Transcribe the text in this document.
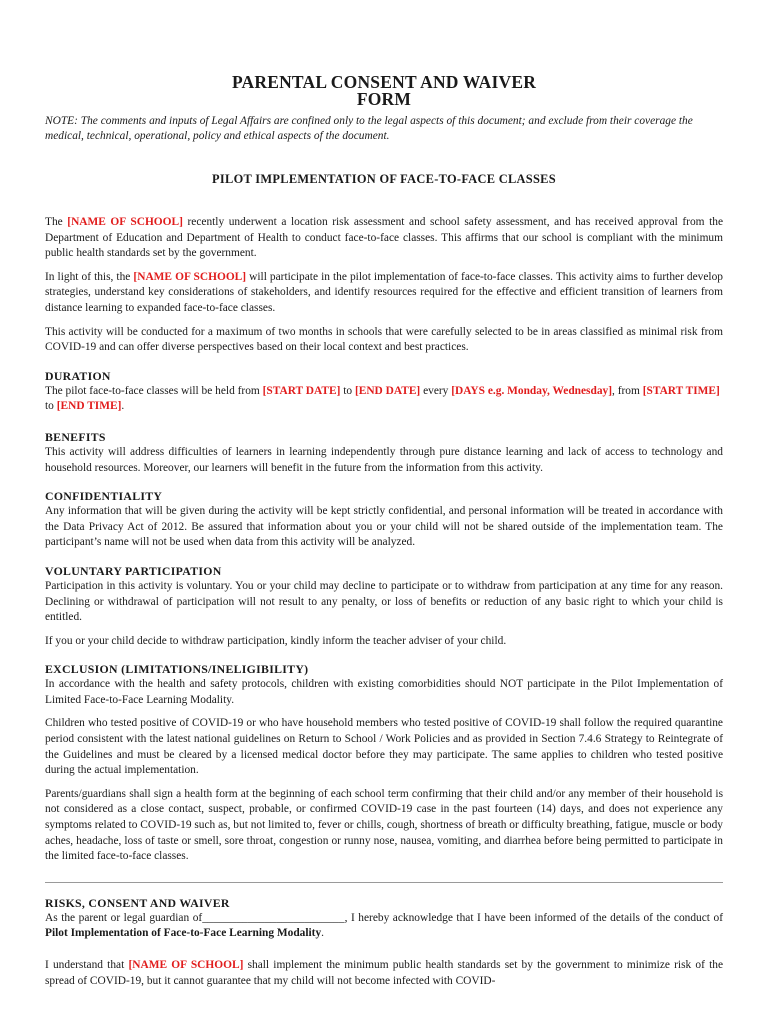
PARENTAL CONSENT AND WAIVER
FORM

NOTE: The comments and inputs of Legal Affairs are confined only to the legal aspects of this document; and exclude from their coverage the medical, technical, operational, policy and ethical aspects of the document.

PILOT IMPLEMENTATION OF FACE-TO-FACE CLASSES

The [NAME OF SCHOOL] recently underwent a location risk assessment and school safety assessment, and has received approval from the Department of Education and Department of Health to conduct face-to-face classes. This affirms that our school is compliant with the minimum public health standards set by the government.

In light of this, the [NAME OF SCHOOL] will participate in the pilot implementation of face-to-face classes. This activity aims to further develop strategies, understand key considerations of stakeholders, and identify resources required for the effective and efficient transition of learners from distance learning to expanded face-to-face classes.

This activity will be conducted for a maximum of two months in schools that were carefully selected to be in areas classified as minimal risk from COVID-19 and can offer diverse perspectives based on their local context and best practices.

DURATION

The pilot face-to-face classes will be held from [START DATE] to [END DATE] every [DAYS e.g. Monday, Wednesday], from [START TIME] to [END TIME].

BENEFITS

This activity will address difficulties of learners in learning independently through pure distance learning and lack of access to technology and household resources. Moreover, our learners will benefit in the future from the information from this activity.

CONFIDENTIALITY

Any information that will be given during the activity will be kept strictly confidential, and personal information will be treated in accordance with the Data Privacy Act of 2012. Be assured that information about you or your child will not be shared outside of the implementation team. The participant’s name will not be used when data from this activity will be analyzed.

VOLUNTARY PARTICIPATION

Participation in this activity is voluntary. You or your child may decline to participate or to withdraw from participation at any time for any reason. Declining or withdrawal of participation will not result to any penalty, or loss of benefits or reduction of any basic right to which your child is entitled.

If you or your child decide to withdraw participation, kindly inform the teacher adviser of your child.

EXCLUSION (LIMITATIONS/INELIGIBILITY)

In accordance with the health and safety protocols, children with existing comorbidities should NOT participate in the Pilot Implementation of Limited Face-to-Face Learning Modality.

Children who tested positive of COVID-19 or who have household members who tested positive of COVID-19 shall follow the required quarantine period consistent with the latest national guidelines on Return to School / Work Policies and as provided in Section 7.4.6 Strategy to Reintegrate of the Guidelines and must be cleared by a licensed medical doctor before they may participate. The same applies to children who tested positive during the actual implementation.

Parents/guardians shall sign a health form at the beginning of each school term confirming that their child and/or any member of their household is not considered as a close contact, suspect, probable, or confirmed COVID-19 case in the past fourteen (14) days, and does not experience any symptoms related to COVID-19 such as, but not limited to, fever or chills, cough, shortness of breath or difficulty breathing, fatigue, muscle or body aches, headache, loss of taste or smell, sore throat, congestion or runny nose, nausea, vomiting, and diarrhea before being permitted to participate in the limited face-to-face classes.

RISKS, CONSENT AND WAIVER

As the parent or legal guardian of_________________________, I hereby acknowledge that I have been informed of the details of the conduct of Pilot Implementation of Face-to-Face Learning Modality.

I understand that [NAME OF SCHOOL] shall implement the minimum public health standards set by the government to minimize risk of the spread of COVID-19, but it cannot guarantee that my child will not become infected with COVID-
